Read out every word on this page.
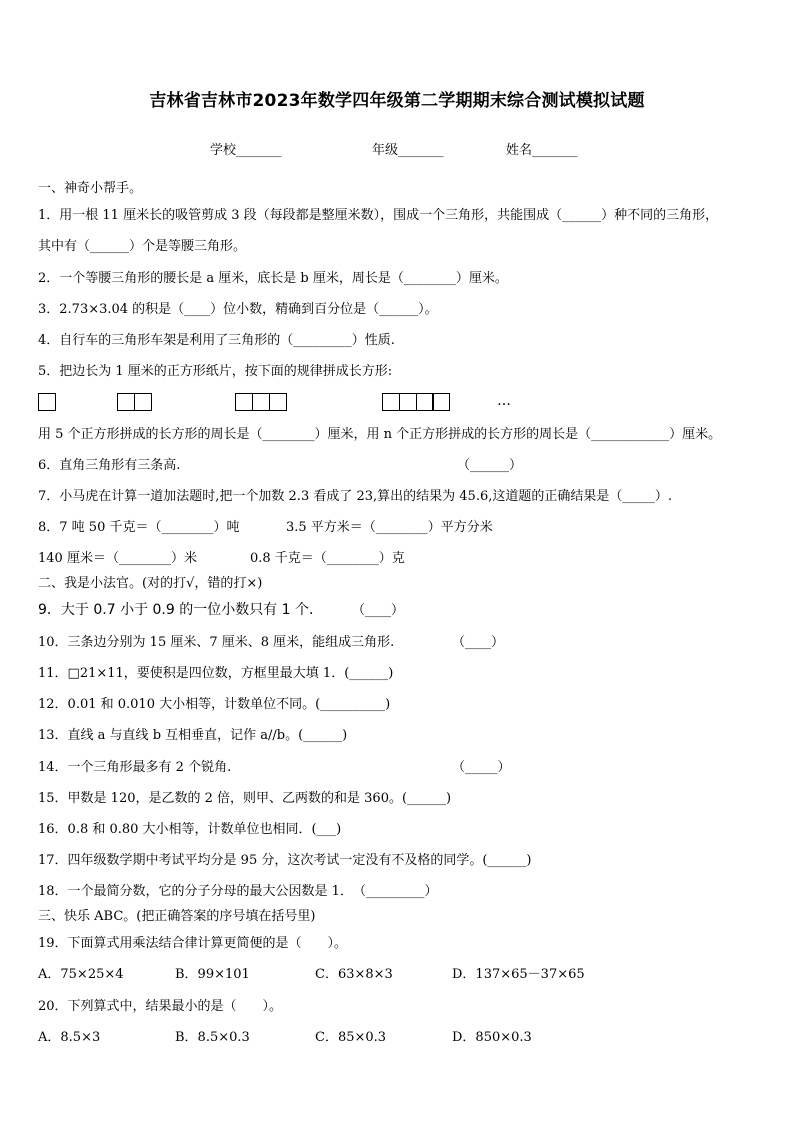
吉林省吉林市2023年数学四年级第二学期期末综合测试模拟试题
学校_______	年级_______	姓名_______
一、神奇小帮手。
1．用一根 11 厘米长的吸管剪成 3 段（每段都是整厘米数），围成一个三角形，共能围成（______）种不同的三角形，
其中有（______）个是等腰三角形。
2．一个等腰三角形的腰长是 a 厘米，底长是 b 厘米，周长是（________）厘米。
3．2.73×3.04 的积是（____）位小数，精确到百分位是（______）。
4．自行车的三角形车架是利用了三角形的（_________）性质.
5．把边长为 1 厘米的正方形纸片，按下面的规律拼成长方形:
…
用 5 个正方形拼成的长方形的周长是（________）厘米，用 n 个正方形拼成的长方形的周长是（____________）厘米。
6．直角三角形有三条高.	（______）
7．小马虎在计算一道加法题时,把一个加数 2.3 看成了 23,算出的结果为 45.6,这道题的正确结果是（_____）.
8．7 吨 50 千克＝（________）吨	3.5 平方米＝（________）平方分米
140 厘米＝（________）米	0.8 千克＝（________）克
二、我是小法官。(对的打√，错的打×)
9．大于 0.7 小于 0.9 的一位小数只有 1 个． （____）
10．三条边分别为 15 厘米、7 厘米、8 厘米，能组成三角形.	（____）
11．□21×11，要使积是四位数，方框里最大填 1．(______)
12．0.01 和 0.010 大小相等，计数单位不同。(__________)
13．直线 a 与直线 b 互相垂直，记作 a//b。(______)
14．一个三角形最多有 2 个锐角.	（_____）
15．甲数是 120，是乙数的 2 倍，则甲、乙两数的和是 360。(______)
16．0.8 和 0.80 大小相等，计数单位也相同．(___)
17．四年级数学期中考试平均分是 95 分，这次考试一定没有不及格的同学。(______)
18．一个最简分数，它的分子分母的最大公因数是 1．　（_________）
三、快乐 ABC。(把正确答案的序号填在括号里)
19．下面算式用乘法结合律计算更简便的是（　　）。
A．75×25×4	B．99×101	C．63×8×3	D．137×65－37×65
20．下列算式中，结果最小的是（　　）。
A．8.5×3	B．8.5×0.3	C．85×0.3	D．850×0.3
